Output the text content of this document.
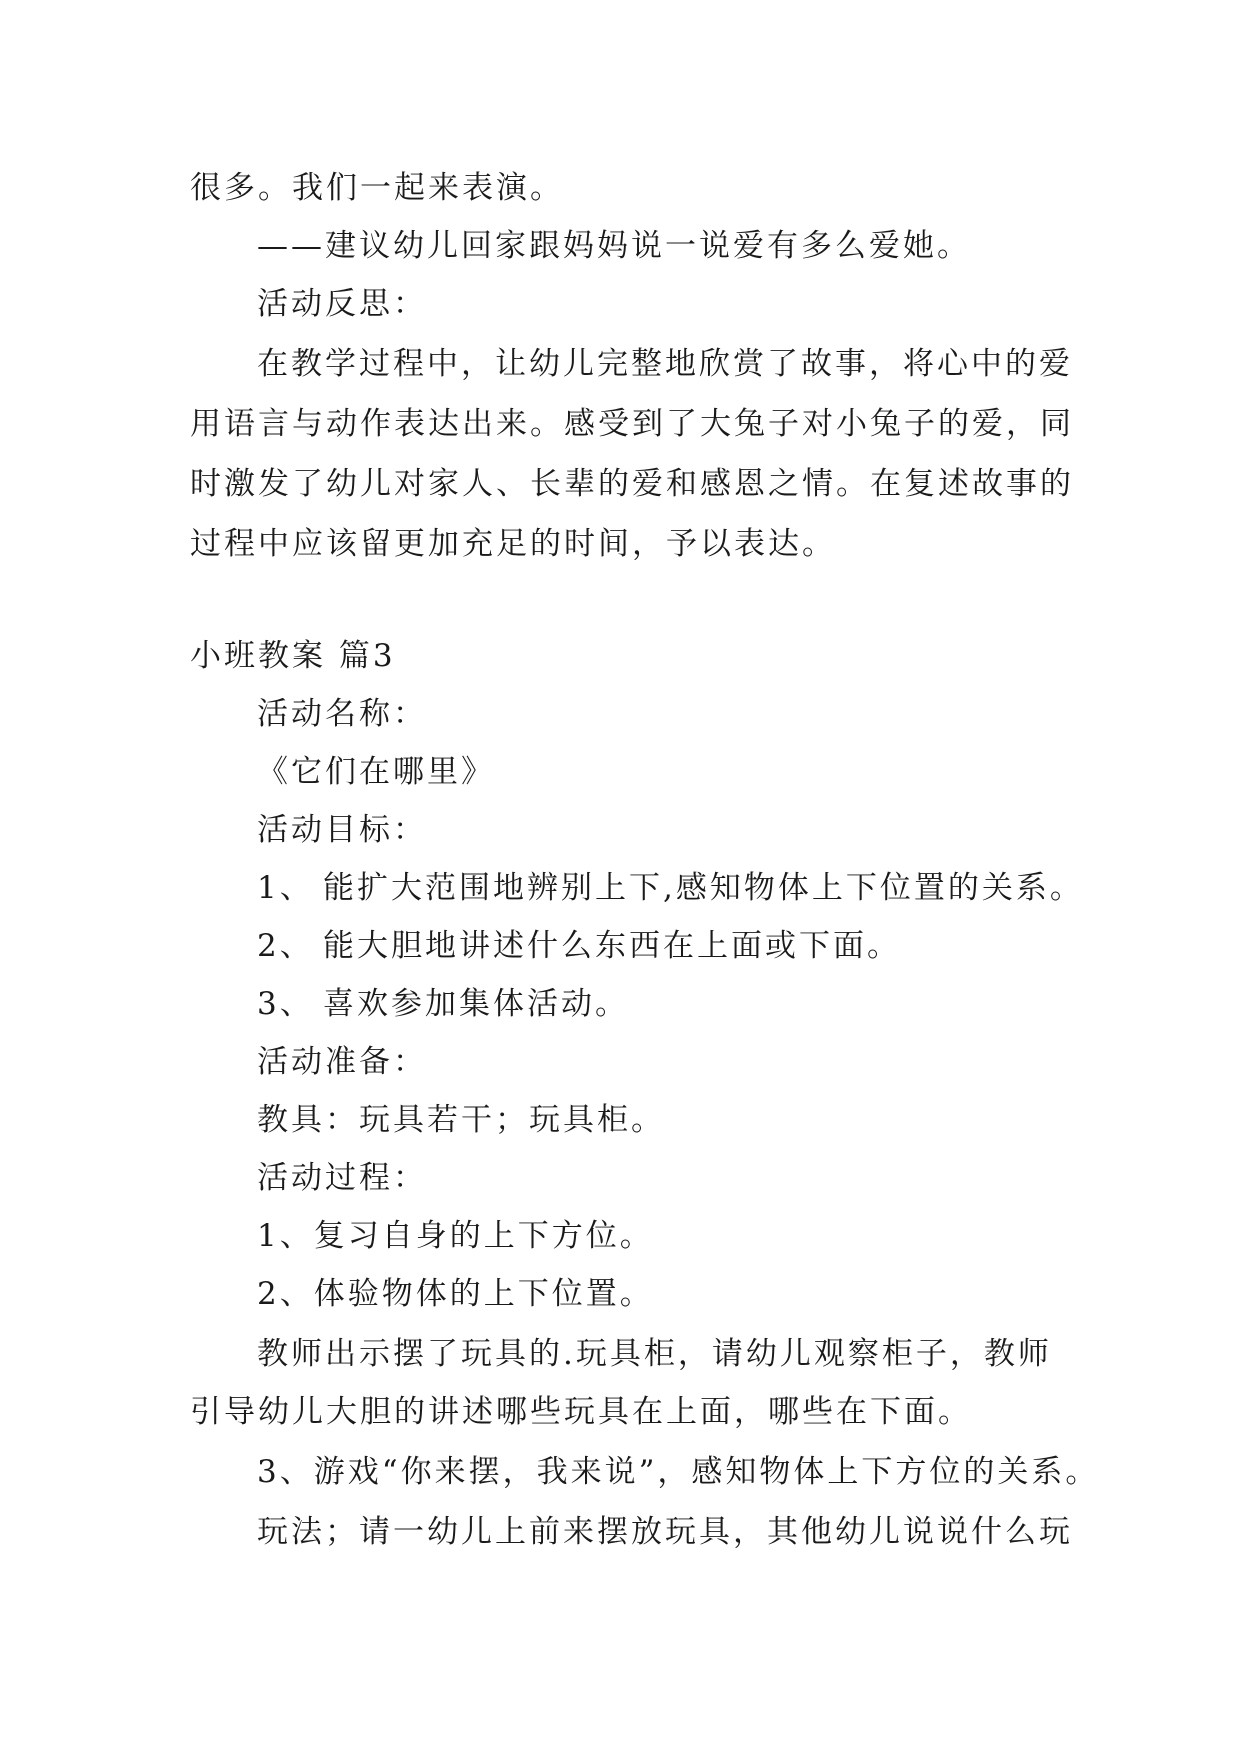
很多。我们一起来表演。
——建议幼儿回家跟妈妈说一说爱有多么爱她。
活动反思：
在教学过程中，让幼儿完整地欣赏了故事，将心中的爱
用语言与动作表达出来。感受到了大兔子对小兔子的爱，同
时激发了幼儿对家人、长辈的爱和感恩之情。在复述故事的
过程中应该留更加充足的时间，予以表达。
小班教案 篇3
活动名称：
《它们在哪里》
活动目标：
1、 能扩大范围地辨别上下,感知物体上下位置的关系。
2、 能大胆地讲述什么东西在上面或下面。
3、 喜欢参加集体活动。
活动准备：
教具：玩具若干；玩具柜。
活动过程：
1、复习自身的上下方位。
2、体验物体的上下位置。
教师出示摆了玩具的.玩具柜，请幼儿观察柜子，教师
引导幼儿大胆的讲述哪些玩具在上面，哪些在下面。
3、游戏“你来摆，我来说”，感知物体上下方位的关系。
玩法；请一幼儿上前来摆放玩具，其他幼儿说说什么玩
